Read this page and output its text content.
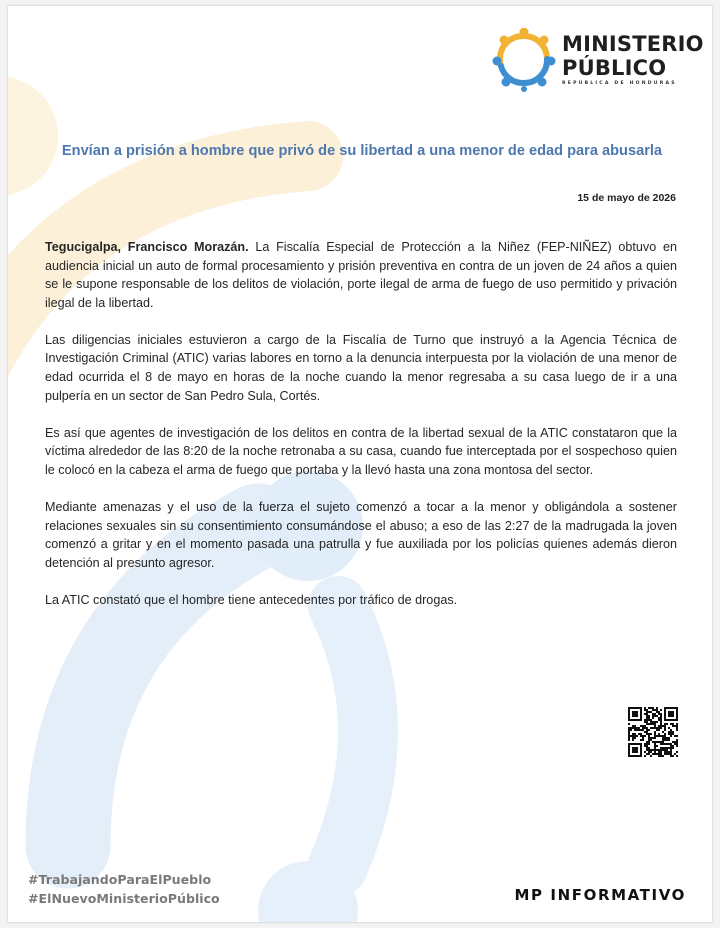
MINISTERIO
PÚBLICO
REPÚBLICA DE HONDURAS
Envían a prisión a hombre que privó de su libertad a una menor de edad para abusarla
15 de mayo de 2026

Tegucigalpa, Francisco Morazán. La Fiscalía Especial de Protección a la Niñez (FEP-NIÑEZ) obtuvo en audiencia inicial un auto de formal procesamiento y prisión preventiva en contra de un joven de 24 años a quien se le supone responsable de los delitos de violación, porte ilegal de arma de fuego de uso permitido y privación ilegal de la libertad.

Las diligencias iniciales estuvieron a cargo de la Fiscalía de Turno que instruyó a la Agencia Técnica de Investigación Criminal (ATIC) varias labores en torno a la denuncia interpuesta por la violación de una menor de edad ocurrida el 8 de mayo en horas de la noche cuando la menor regresaba a su casa luego de ir a una pulpería en un sector de San Pedro Sula, Cortés.

Es así que agentes de investigación de los delitos en contra de la libertad sexual de la ATIC constataron que la víctima alrededor de las 8:20 de la noche retronaba a su casa, cuando fue interceptada por el sospechoso quien le colocó en la cabeza el arma de fuego que portaba y la llevó hasta una zona montosa del sector.

Mediante amenazas y el uso de la fuerza el sujeto comenzó a tocar a la menor y obligándola a sostener relaciones sexuales sin su consentimiento consumándose el abuso; a eso de las 2:27 de la madrugada la joven comenzó a gritar y en el momento pasada una patrulla y fue auxiliada por los policías quienes además dieron detención al presunto agresor.

La ATIC constató que el hombre tiene antecedentes por tráfico de drogas.

#TrabajandoParaElPueblo
#ElNuevoMinisterioPúblico	MP INFORMATIVO
